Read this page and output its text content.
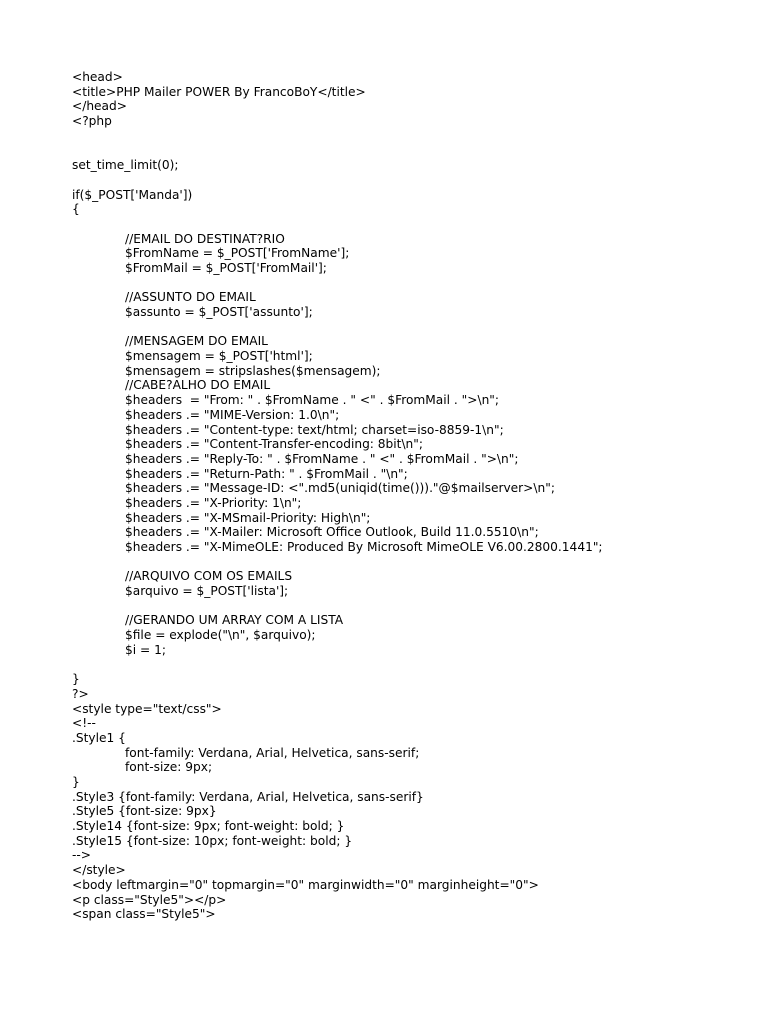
<head>
<title>PHP Mailer POWER By FrancoBoY</title>
</head>
<?php
set_time_limit(0);
if($_POST['Manda'])
{
//EMAIL DO DESTINAT?RIO
$FromName = $_POST['FromName'];
$FromMail = $_POST['FromMail'];
//ASSUNTO DO EMAIL
$assunto = $_POST['assunto'];
//MENSAGEM DO EMAIL
$mensagem = $_POST['html'];
$mensagem = stripslashes($mensagem);
//CABE?ALHO DO EMAIL
$headers  = "From: " . $FromName . " <" . $FromMail . ">\n";
$headers .= "MIME-Version: 1.0\n";
$headers .= "Content-type: text/html; charset=iso-8859-1\n";
$headers .= "Content-Transfer-encoding: 8bit\n";
$headers .= "Reply-To: " . $FromName . " <" . $FromMail . ">\n";
$headers .= "Return-Path: " . $FromMail . "\n";
$headers .= "Message-ID: <".md5(uniqid(time()))."@$mailserver>\n";
$headers .= "X-Priority: 1\n";
$headers .= "X-MSmail-Priority: High\n";
$headers .= "X-Mailer: Microsoft Office Outlook, Build 11.0.5510\n";
$headers .= "X-MimeOLE: Produced By Microsoft MimeOLE V6.00.2800.1441";
//ARQUIVO COM OS EMAILS
$arquivo = $_POST['lista'];
//GERANDO UM ARRAY COM A LISTA
$file = explode("\n", $arquivo);
$i = 1;
}
?>
<style type="text/css">
<!--
.Style1 {
font-family: Verdana, Arial, Helvetica, sans-serif;
font-size: 9px;
}
.Style3 {font-family: Verdana, Arial, Helvetica, sans-serif}
.Style5 {font-size: 9px}
.Style14 {font-size: 9px; font-weight: bold; }
.Style15 {font-size: 10px; font-weight: bold; }
-->
</style>
<body leftmargin="0" topmargin="0" marginwidth="0" marginheight="0">
<p class="Style5"></p>
<span class="Style5">
